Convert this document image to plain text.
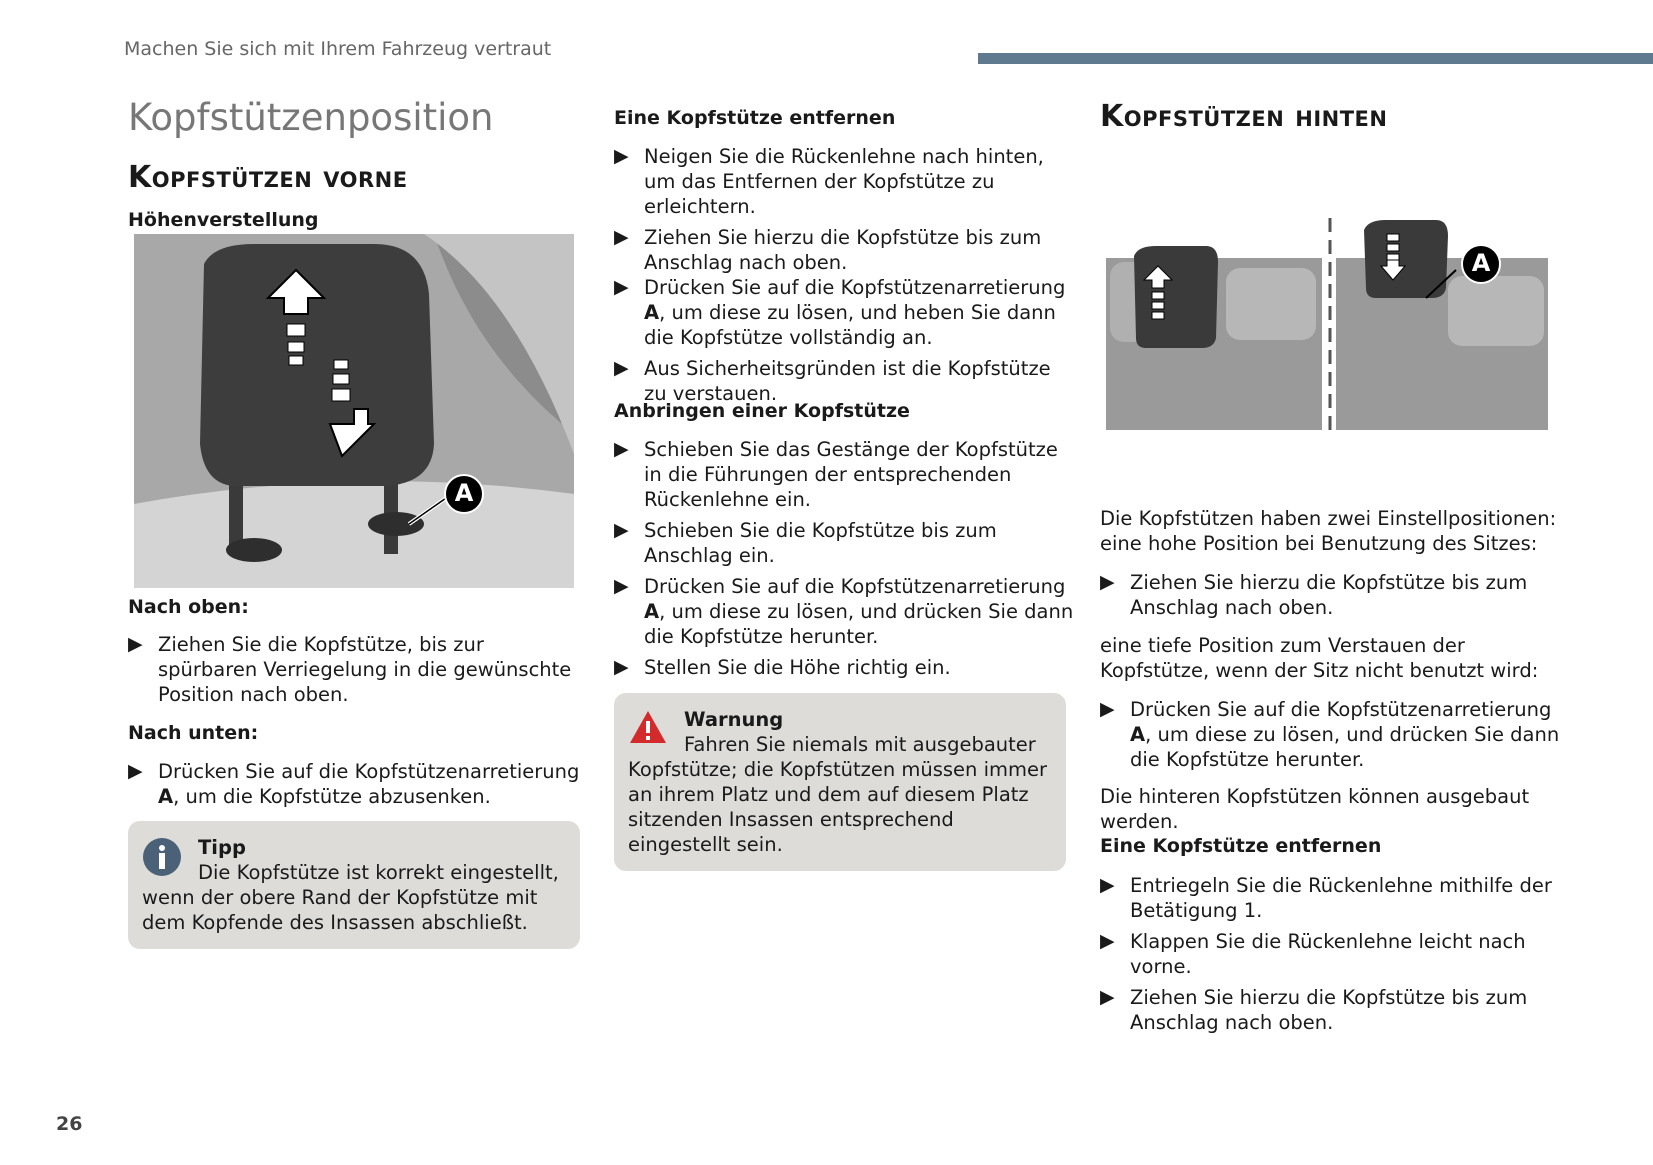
Machen Sie sich mit Ihrem Fahrzeug vertraut
Kopfstützenposition
Kopfstützen vorne
Höhenverstellung
A
Nach oben:
▶ Ziehen Sie die Kopfstütze, bis zur spürbaren Verriegelung in die gewünschte Position nach oben.
Nach unten:
▶ Drücken Sie auf die Kopfstützenarretierung A, um die Kopfstütze abzusenken.
Tipp
Die Kopfstütze ist korrekt eingestellt, wenn der obere Rand der Kopfstütze mit dem Kopfende des Insassen abschließt.
Eine Kopfstütze entfernen
▶ Neigen Sie die Rückenlehne nach hinten, um das Entfernen der Kopfstütze zu erleichtern.
▶ Ziehen Sie hierzu die Kopfstütze bis zum Anschlag nach oben.
▶ Drücken Sie auf die Kopfstützenarretierung A, um diese zu lösen, und heben Sie dann die Kopfstütze vollständig an.
▶ Aus Sicherheitsgründen ist die Kopfstütze zu verstauen.
Anbringen einer Kopfstütze
▶ Schieben Sie das Gestänge der Kopfstütze in die Führungen der entsprechenden Rückenlehne ein.
▶ Schieben Sie die Kopfstütze bis zum Anschlag ein.
▶ Drücken Sie auf die Kopfstützenarretierung A, um diese zu lösen, und drücken Sie dann die Kopfstütze herunter.
▶ Stellen Sie die Höhe richtig ein.
Warnung
Fahren Sie niemals mit ausgebauter Kopfstütze; die Kopfstützen müssen immer an ihrem Platz und dem auf diesem Platz sitzenden Insassen entsprechend eingestellt sein.
Kopfstützen hinten
A
Die Kopfstützen haben zwei Einstellpositionen: eine hohe Position bei Benutzung des Sitzes:
▶ Ziehen Sie hierzu die Kopfstütze bis zum Anschlag nach oben.
eine tiefe Position zum Verstauen der Kopfstütze, wenn der Sitz nicht benutzt wird:
▶ Drücken Sie auf die Kopfstützenarretierung A, um diese zu lösen, und drücken Sie dann die Kopfstütze herunter.
Die hinteren Kopfstützen können ausgebaut werden.
Eine Kopfstütze entfernen
▶ Entriegeln Sie die Rückenlehne mithilfe der Betätigung 1.
▶ Klappen Sie die Rückenlehne leicht nach vorne.
▶ Ziehen Sie hierzu die Kopfstütze bis zum Anschlag nach oben.
26
